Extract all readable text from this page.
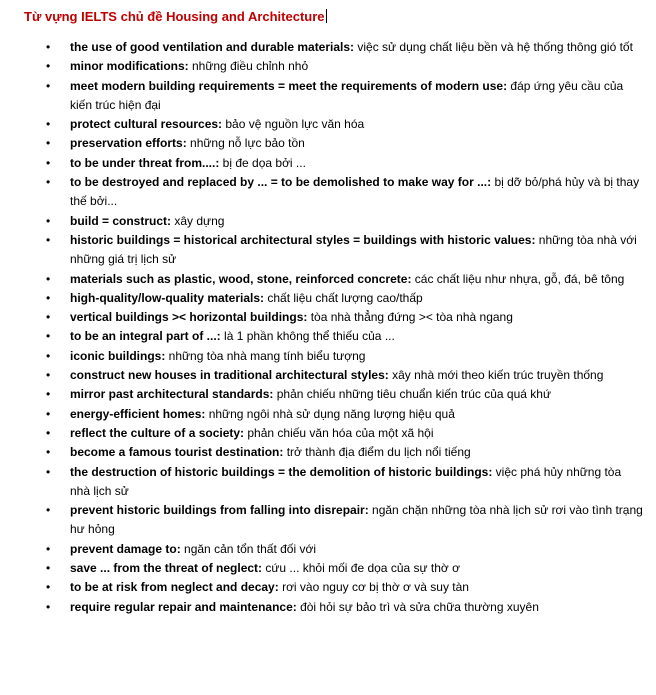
Từ vựng IELTS chủ đề Housing and Architecture
• the use of good ventilation and durable materials: việc sử dụng chất liệu bền và hệ thống thông gió tốt
• minor modifications: những điều chỉnh nhỏ
• meet modern building requirements = meet the requirements of modern use: đáp ứng yêu cầu của kiến trúc hiện đại
• protect cultural resources: bảo vệ nguồn lực văn hóa
• preservation efforts: những nỗ lực bảo tồn
• to be under threat from....: bị đe dọa bởi ...
• to be destroyed and replaced by ... = to be demolished to make way for ...: bị dỡ bỏ/phá hủy và bị thay thế bởi...
• build = construct: xây dựng
• historic buildings = historical architectural styles = buildings with historic values: những tòa nhà với những giá trị lịch sử
• materials such as plastic, wood, stone, reinforced concrete: các chất liệu như nhựa, gỗ, đá, bê tông
• high-quality/low-quality materials: chất liệu chất lượng cao/thấp
• vertical buildings >< horizontal buildings: tòa nhà thẳng đứng >< tòa nhà ngang
• to be an integral part of ...: là 1 phần không thể thiếu của ...
• iconic buildings: những tòa nhà mang tính biểu tượng
• construct new houses in traditional architectural styles: xây nhà mới theo kiến trúc truyền thống
• mirror past architectural standards: phản chiếu những tiêu chuẩn kiến trúc của quá khứ
• energy-efficient homes: những ngôi nhà sử dụng năng lượng hiệu quả
• reflect the culture of a society: phản chiếu văn hóa của một xã hội
• become a famous tourist destination: trở thành địa điểm du lịch nổi tiếng
• the destruction of historic buildings = the demolition of historic buildings: việc phá hủy những tòa nhà lịch sử
• prevent historic buildings from falling into disrepair: ngăn chặn những tòa nhà lịch sử rơi vào tình trạng hư hỏng
• prevent damage to: ngăn cản tổn thất đối với
• save ... from the threat of neglect: cứu ... khỏi mối đe dọa của sự thờ ơ
• to be at risk from neglect and decay: rơi vào nguy cơ bị thờ ơ và suy tàn
• require regular repair and maintenance: đòi hỏi sự bảo trì và sửa chữa thường xuyên
